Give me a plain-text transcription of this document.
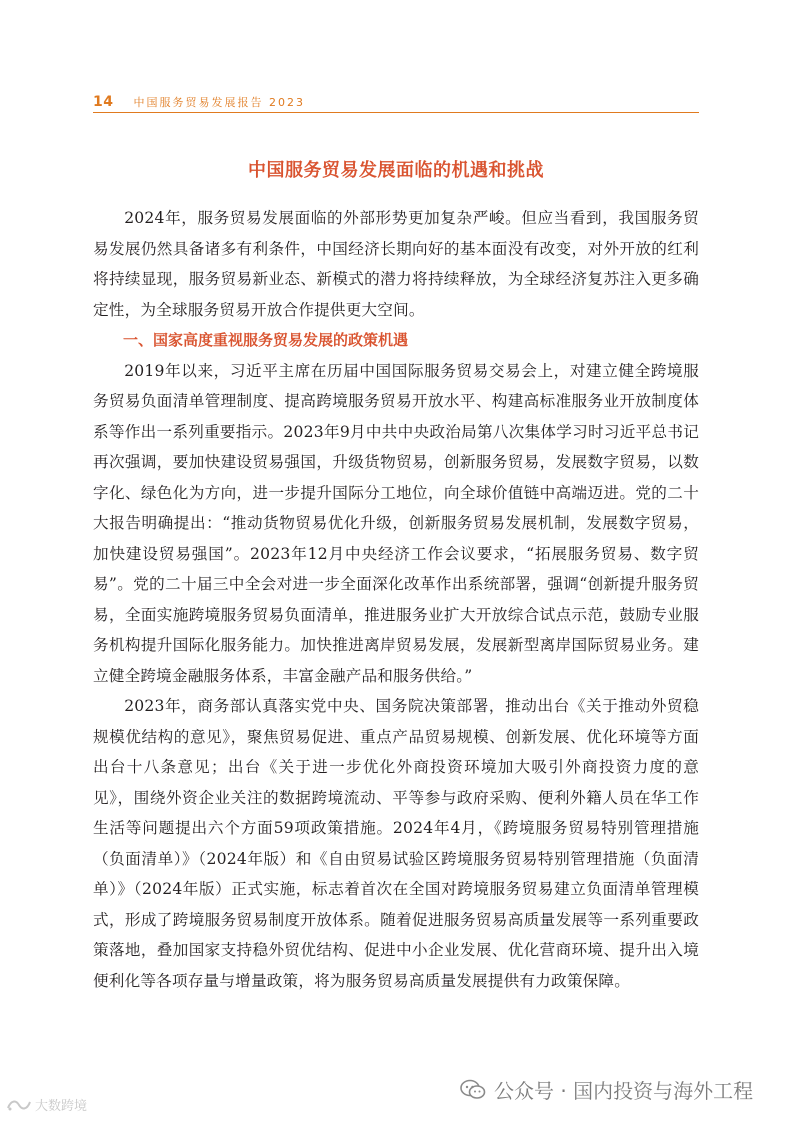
14 中国服务贸易发展报告 2023
中国服务贸易发展面临的机遇和挑战

2024年，服务贸易发展面临的外部形势更加复杂严峻。但应当看到，我国服务贸易发展仍然具备诸多有利条件，中国经济长期向好的基本面没有改变，对外开放的红利将持续显现，服务贸易新业态、新模式的潜力将持续释放，为全球经济复苏注入更多确定性，为全球服务贸易开放合作提供更大空间。

一、国家高度重视服务贸易发展的政策机遇

2019年以来，习近平主席在历届中国国际服务贸易交易会上，对建立健全跨境服务贸易负面清单管理制度、提高跨境服务贸易开放水平、构建高标准服务业开放制度体系等作出一系列重要指示。2023年9月中共中央政治局第八次集体学习时习近平总书记再次强调，要加快建设贸易强国，升级货物贸易，创新服务贸易，发展数字贸易，以数字化、绿色化为方向，进一步提升国际分工地位，向全球价值链中高端迈进。党的二十大报告明确提出：“推动货物贸易优化升级，创新服务贸易发展机制，发展数字贸易，加快建设贸易强国”。2023年12月中央经济工作会议要求，“拓展服务贸易、数字贸易”。党的二十届三中全会对进一步全面深化改革作出系统部署，强调“创新提升服务贸易，全面实施跨境服务贸易负面清单，推进服务业扩大开放综合试点示范，鼓励专业服务机构提升国际化服务能力。加快推进离岸贸易发展，发展新型离岸国际贸易业务。建立健全跨境金融服务体系，丰富金融产品和服务供给。”

2023年，商务部认真落实党中央、国务院决策部署，推动出台《关于推动外贸稳规模优结构的意见》，聚焦贸易促进、重点产品贸易规模、创新发展、优化环境等方面出台十八条意见；出台《关于进一步优化外商投资环境加大吸引外商投资力度的意见》，围绕外资企业关注的数据跨境流动、平等参与政府采购、便利外籍人员在华工作生活等问题提出六个方面59项政策措施。2024年4月，《跨境服务贸易特别管理措施（负面清单）》（2024年版）和《自由贸易试验区跨境服务贸易特别管理措施（负面清单）》（2024年版）正式实施，标志着首次在全国对跨境服务贸易建立负面清单管理模式，形成了跨境服务贸易制度开放体系。随着促进服务贸易高质量发展等一系列重要政策落地，叠加国家支持稳外贸优结构、促进中小企业发展、优化营商环境、提升出入境便利化等各项存量与增量政策，将为服务贸易高质量发展提供有力政策保障。

公众号 · 国内投资与海外工程
大数跨境
